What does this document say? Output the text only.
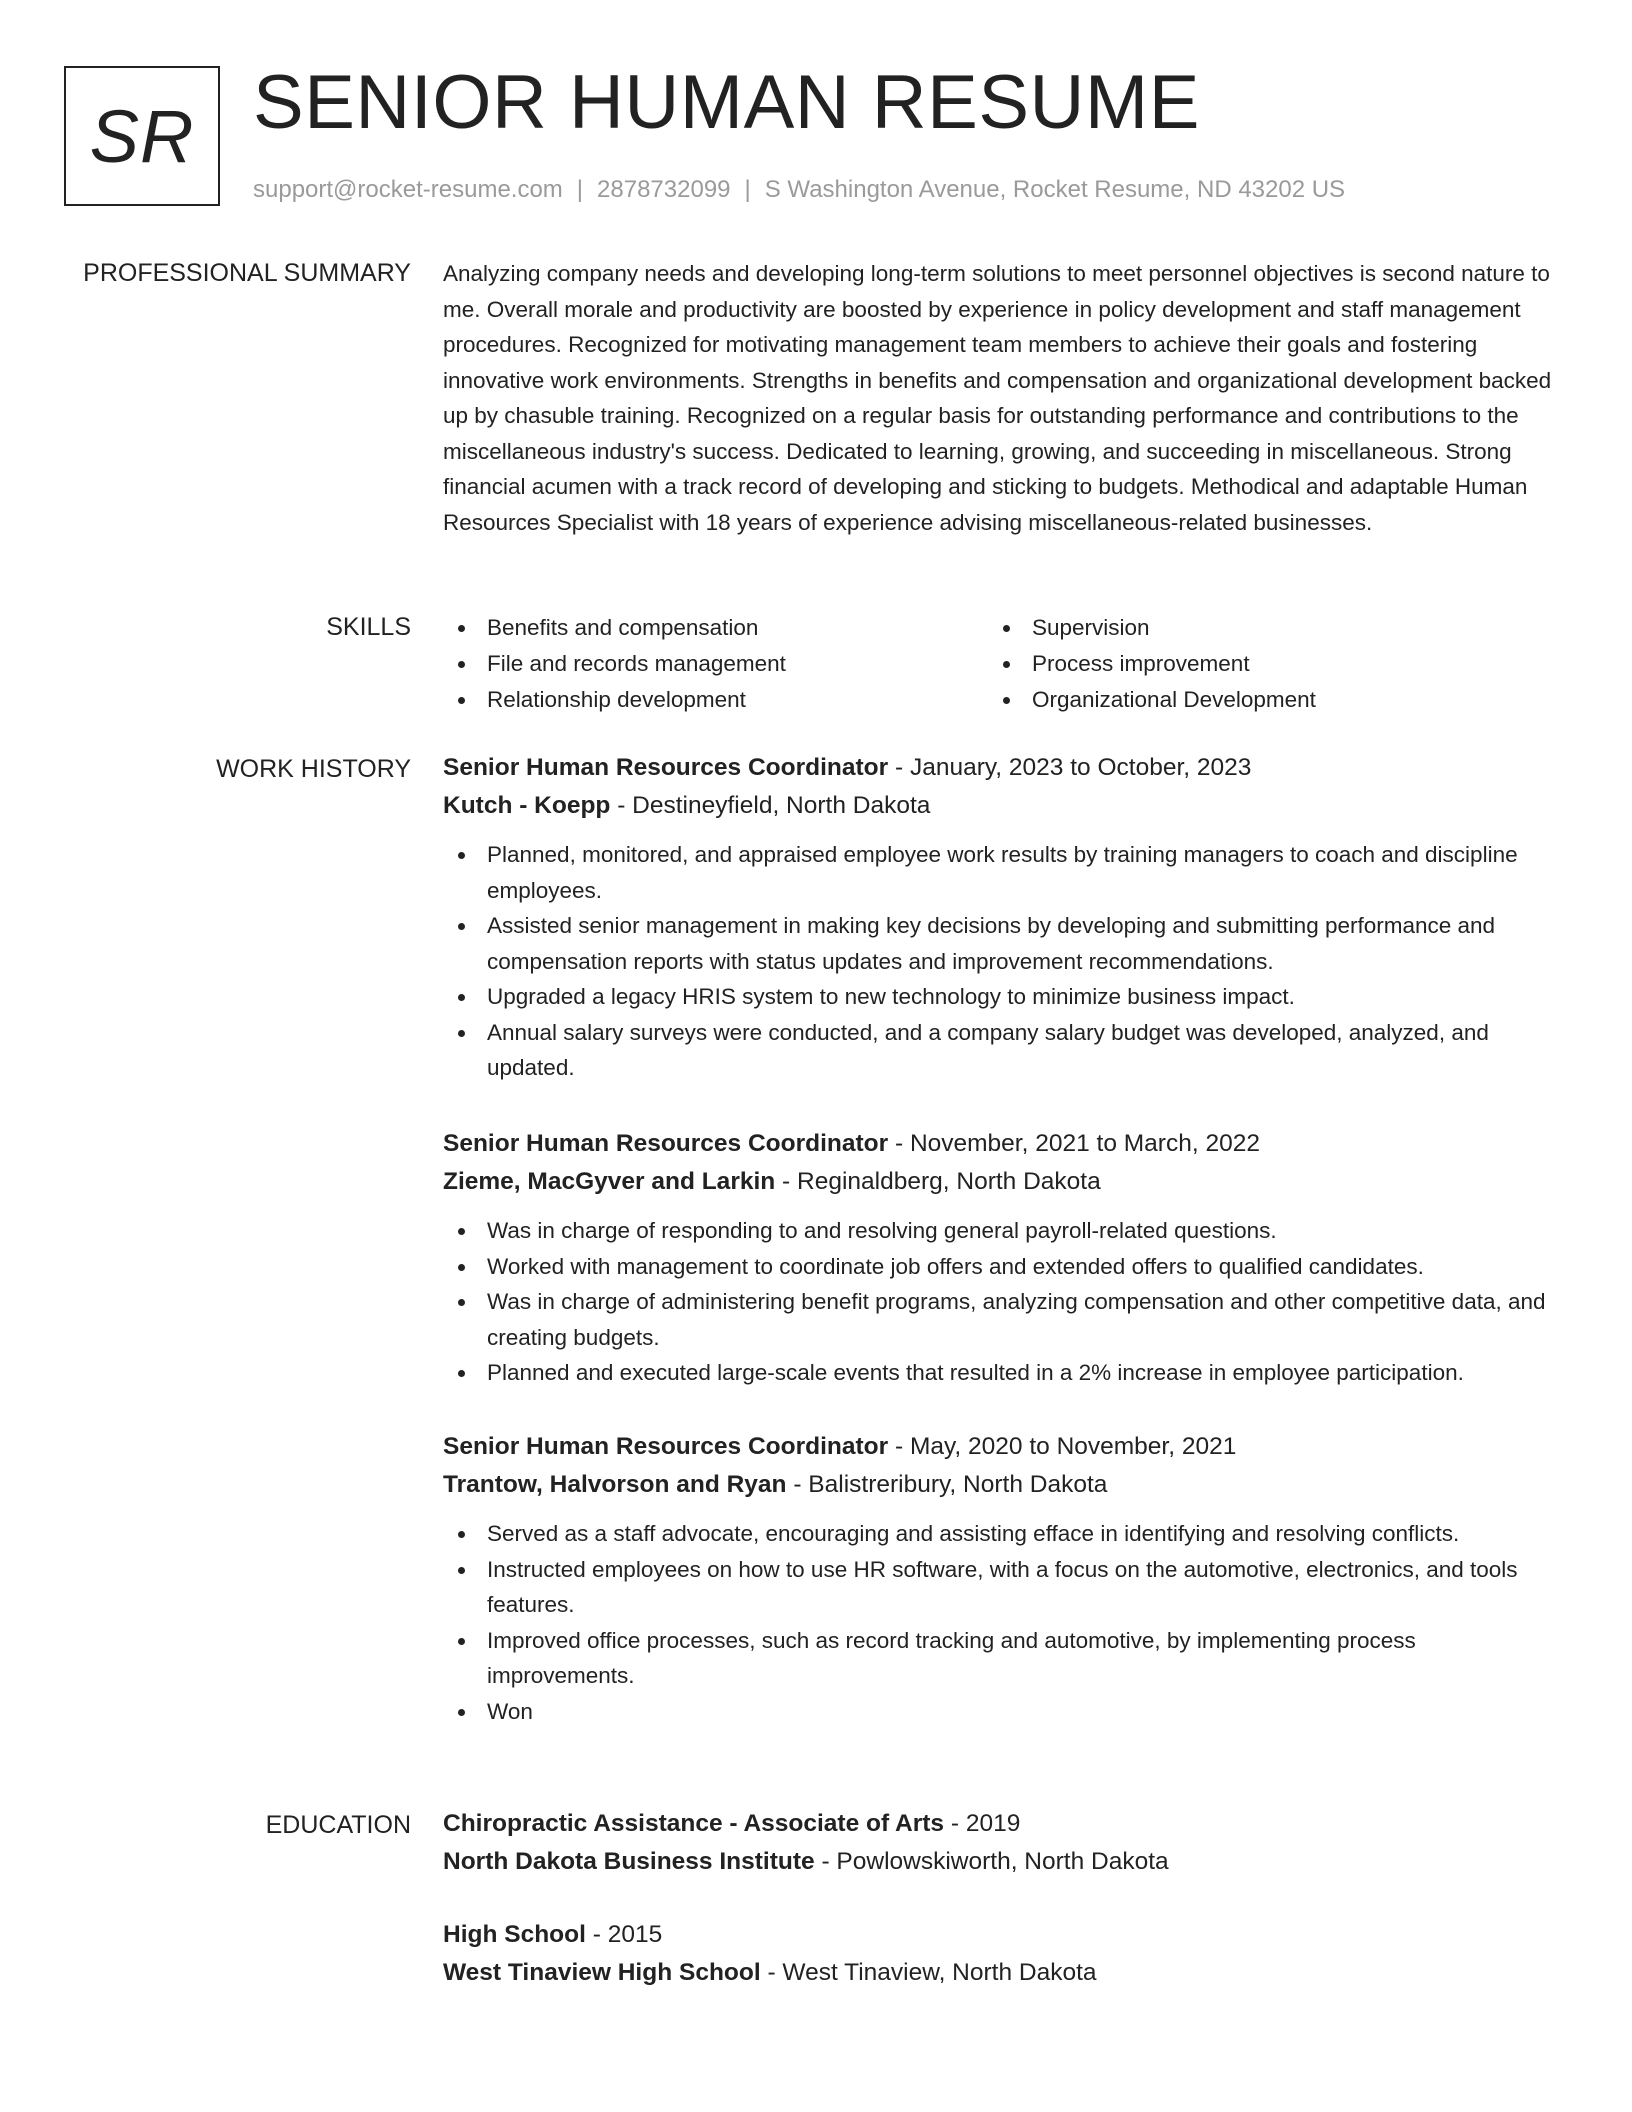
SR SENIOR HUMAN RESUME
support@rocket-resume.com | 2878732099 | S Washington Avenue, Rocket Resume, ND 43202 US
PROFESSIONAL SUMMARY Analyzing company needs and developing long-term solutions to meet personnel objectives is second nature to me. Overall morale and productivity are boosted by experience in policy development and staff management procedures. Recognized for motivating management team members to achieve their goals and fostering innovative work environments. Strengths in benefits and compensation and organizational development backed up by chasuble training. Recognized on a regular basis for outstanding performance and contributions to the miscellaneous industry's success. Dedicated to learning, growing, and succeeding in miscellaneous. Strong financial acumen with a track record of developing and sticking to budgets. Methodical and adaptable Human Resources Specialist with 18 years of experience advising miscellaneous-related businesses.
SKILLS	Benefits and compensation
File and records management
Relationship development
Supervision
Process improvement
Organizational Development
WORK HISTORY Senior Human Resources Coordinator - January, 2023 to October, 2023
Kutch - Koepp - Destineyfield, North Dakota
Planned, monitored, and appraised employee work results by training managers to coach and discipline employees.
Assisted senior management in making key decisions by developing and submitting performance and compensation reports with status updates and improvement recommendations.
Upgraded a legacy HRIS system to new technology to minimize business impact.
Annual salary surveys were conducted, and a company salary budget was developed, analyzed, and updated.
Senior Human Resources Coordinator - November, 2021 to March, 2022
Zieme, MacGyver and Larkin - Reginaldberg, North Dakota
Was in charge of responding to and resolving general payroll-related questions.
Worked with management to coordinate job offers and extended offers to qualified candidates.
Was in charge of administering benefit programs, analyzing compensation and other competitive data, and creating budgets.
Planned and executed large-scale events that resulted in a 2% increase in employee participation.
Senior Human Resources Coordinator - May, 2020 to November, 2021
Trantow, Halvorson and Ryan - Balistreribury, North Dakota
Served as a staff advocate, encouraging and assisting efface in identifying and resolving conflicts.
Instructed employees on how to use HR software, with a focus on the automotive, electronics, and tools features.
Improved office processes, such as record tracking and automotive, by implementing process improvements.
Won
EDUCATION Chiropractic Assistance - Associate of Arts - 2019
North Dakota Business Institute - Powlowskiworth, North Dakota
High School - 2015
West Tinaview High School - West Tinaview, North Dakota
